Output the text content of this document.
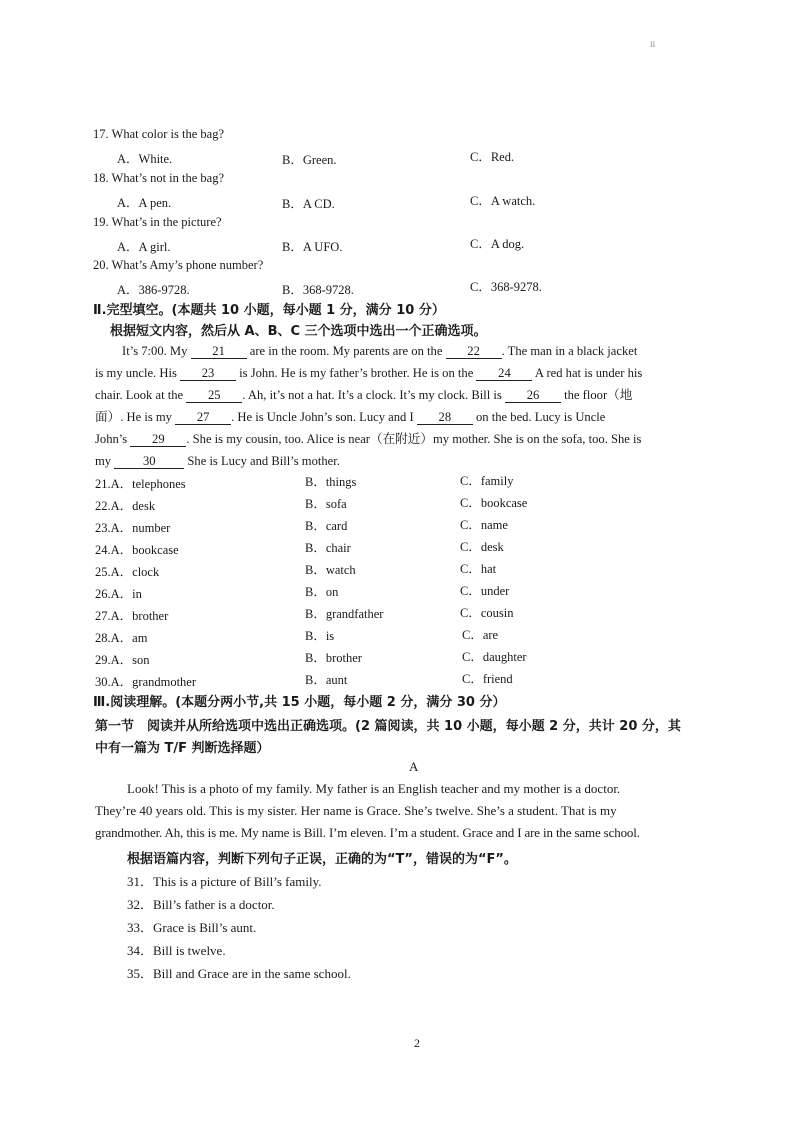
ⅱ
17. What color is the bag?
A．White.	B．Green.	C．Red.
18. What’s not in the bag?
A．A pen.	B．A CD.	C．A watch.
19. What’s in the picture?
A．A girl.	B．A UFO.	C．A dog.
20. What’s Amy’s phone number?
A．386-9728.	B．368-9728.	C．368-9278.
Ⅱ.完型填空。(本题共 10 小题，每小题 1 分，满分 10 分）
根据短文内容，然后从 A、B、C 三个选项中选出一个正确选项。
It’s 7:00. My 21 are in the room. My parents are on the 22 . The man in a black jacket
is my uncle. His 23 is John. He is my father’s brother. He is on the 24 A red hat is under his
chair. Look at the 25 . Ah, it’s not a hat. It’s a clock. It’s my clock. Bill is 26 the floor（地
面）. He is my 27 . He is Uncle John’s son. Lucy and I 28 on the bed. Lucy is Uncle
John’s 29 . She is my cousin, too. Alice is near（在附近）my mother. She is on the sofa, too. She is
my 30 She is Lucy and Bill’s mother.
21.A．telephones	B．things	C．family
22.A．desk	B．sofa	C．bookcase
23.A．number	B．card	C．name
24.A．bookcase	B．chair	C．desk
25.A．clock	B．watch	C．hat
26.A．in	B．on	C．under
27.A．brother	B．grandfather	C．cousin
28.A．am	B．is	C．are
29.A．son	B．brother	C．daughter
30.A．grandmother	B．aunt	C．friend
Ⅲ.阅读理解。(本题分两小节,共 15 小题，每小题 2 分，满分 30 分）
第一节　阅读并从所给选项中选出正确选项。(2 篇阅读，共 10 小题，每小题 2 分，共计 20 分，其
中有一篇为 T/F 判断选择题）
A
Look! This is a photo of my family. My father is an English teacher and my mother is a doctor.
They’re 40 years old. This is my sister. Her name is Grace. She’s twelve. She’s a student. That is my
grandmother. Ah, this is me. My name is Bill. I’m eleven. I’m a student. Grace and I are in the same school.
根据语篇内容，判断下列句子正误，正确的为“T”，错误的为“F”。
31．This is a picture of Bill’s family.
32．Bill’s father is a doctor.
33．Grace is Bill’s aunt.
34．Bill is twelve.
35．Bill and Grace are in the same school.
2
